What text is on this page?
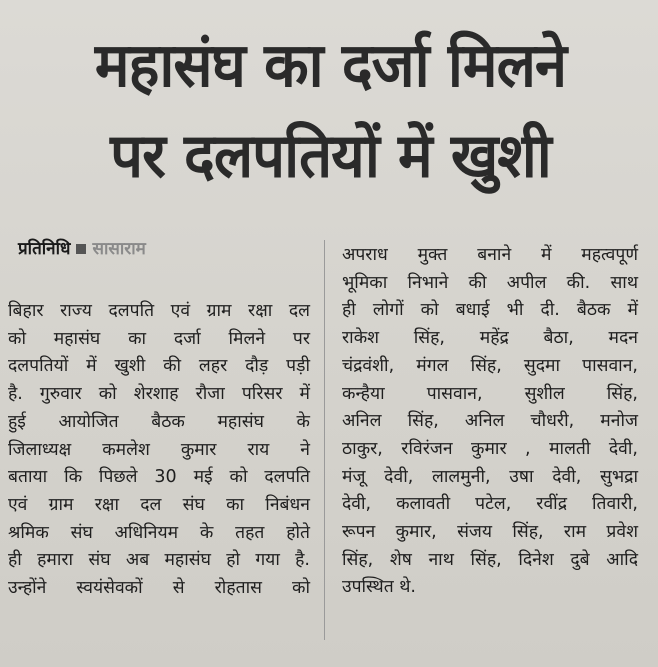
महासंघ का दर्जा मिलने
पर दलपतियों में खुशी
प्रतिनिधि सासाराम
बिहार राज्य दलपति एवं ग्राम रक्षा दल
को महासंघ का दर्जा मिलने पर
दलपतियों में खुशी की लहर दौड़ पड़ी
है. गुरुवार को शेरशाह रौजा परिसर में
हुई आयोजित बैठक महासंघ के
जिलाध्यक्ष कमलेश कुमार राय ने
बताया कि पिछले 30 मई को दलपति
एवं ग्राम रक्षा दल संघ का निबंधन
श्रमिक संघ अधिनियम के तहत होते
ही हमारा संघ अब महासंघ हो गया है.
उन्होंने स्वयंसेवकों से रोहतास को
अपराध मुक्त बनाने में महत्वपूर्ण
भूमिका निभाने की अपील की. साथ
ही लोगों को बधाई भी दी. बैठक में
राकेश सिंह, महेंद्र बैठा, मदन
चंद्रवंशी, मंगल सिंह, सुदमा पासवान,
कन्हैया पासवान, सुशील सिंह,
अनिल सिंह, अनिल चौधरी, मनोज
ठाकुर, रविरंजन कुमार , मालती देवी,
मंजू देवी, लालमुनी, उषा देवी, सुभद्रा
देवी, कलावती पटेल, रवींद्र तिवारी,
रूपन कुमार, संजय सिंह, राम प्रवेश
सिंह, शेष नाथ सिंह, दिनेश दुबे आदि
उपस्थित थे.
